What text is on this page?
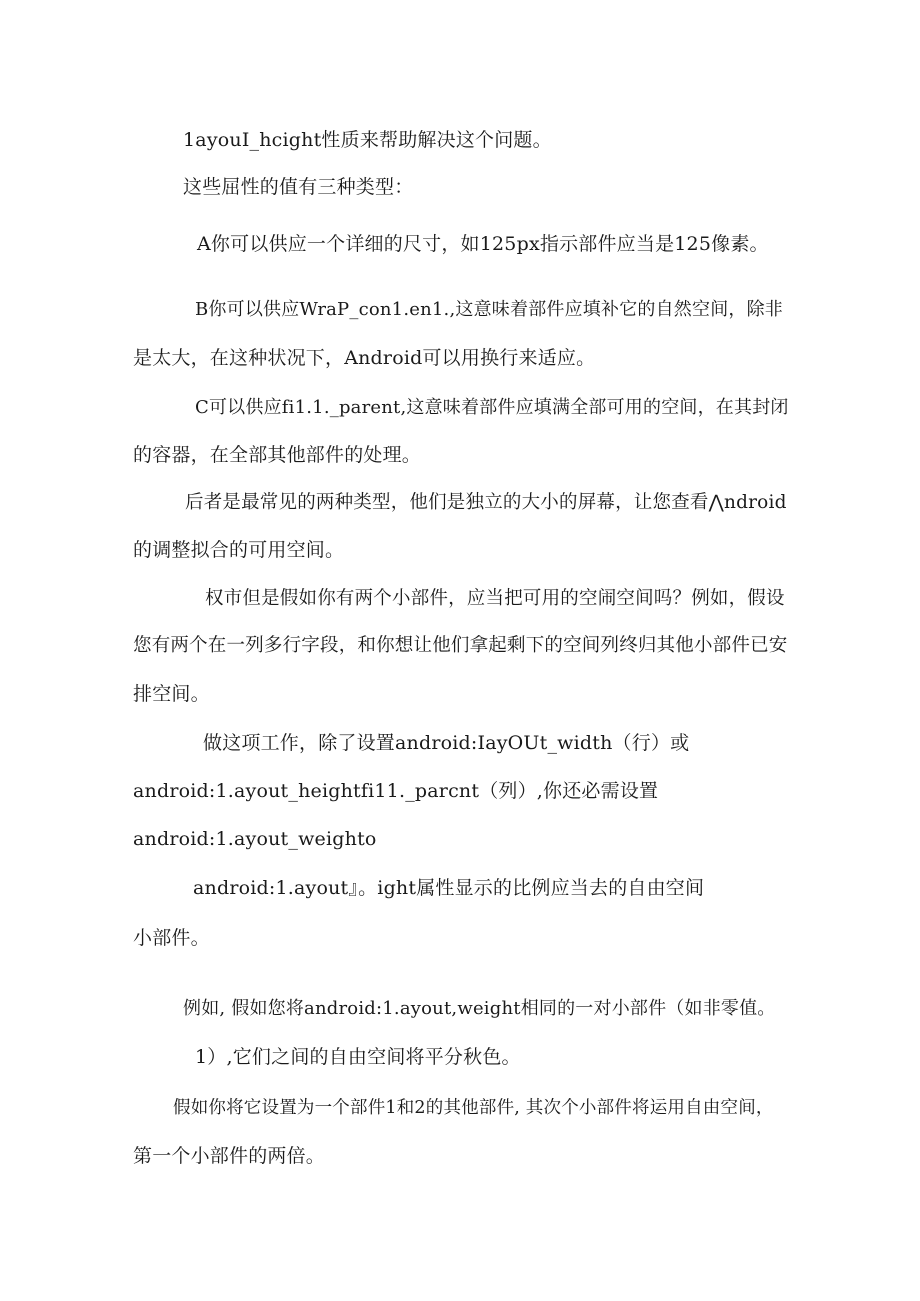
1ayouI_hcight性质来帮助解决这个问题。
这些屈性的值有三种类型：
A你可以供应一个详细的尺寸，如125px指示部件应当是125像素。
B你可以供应WraP_con1.en1.,这意味着部件应填补它的自然空间，除非
是太大，在这种状况下，Android可以用换行来适应。
C可以供应fi1.1._parent,这意味着部件应填满全部可用的空间，在其封闭
的容器，在全部其他部件的处理。
后者是最常见的两种类型，他们是独立的大小的屏幕，让您查看⋀ndroid
的调整拟合的可用空间。
权市但是假如你有两个小部件，应当把可用的空闹空间吗？例如，假设
您有两个在一列多行字段，和你想让他们拿起剩下的空间列终归其他小部件已安
排空间。
做这项工作，除了设置android:IayOUt_width（行）或
android:1.ayout_heightfi11._parcnt（列）,你还必需设置
android:1.ayout_weighto
android:1.ayout』。ight属性显示的比例应当去的自由空间
小部件。
例如, 假如您将android:1.ayout,weight相同的一对小部件（如非零值。
1）,它们之间的自由空间将平分秋色。
假如你将它设置为一个部件1和2的其他部件, 其次个小部件将运用自由空间，
第一个小部件的两倍。
